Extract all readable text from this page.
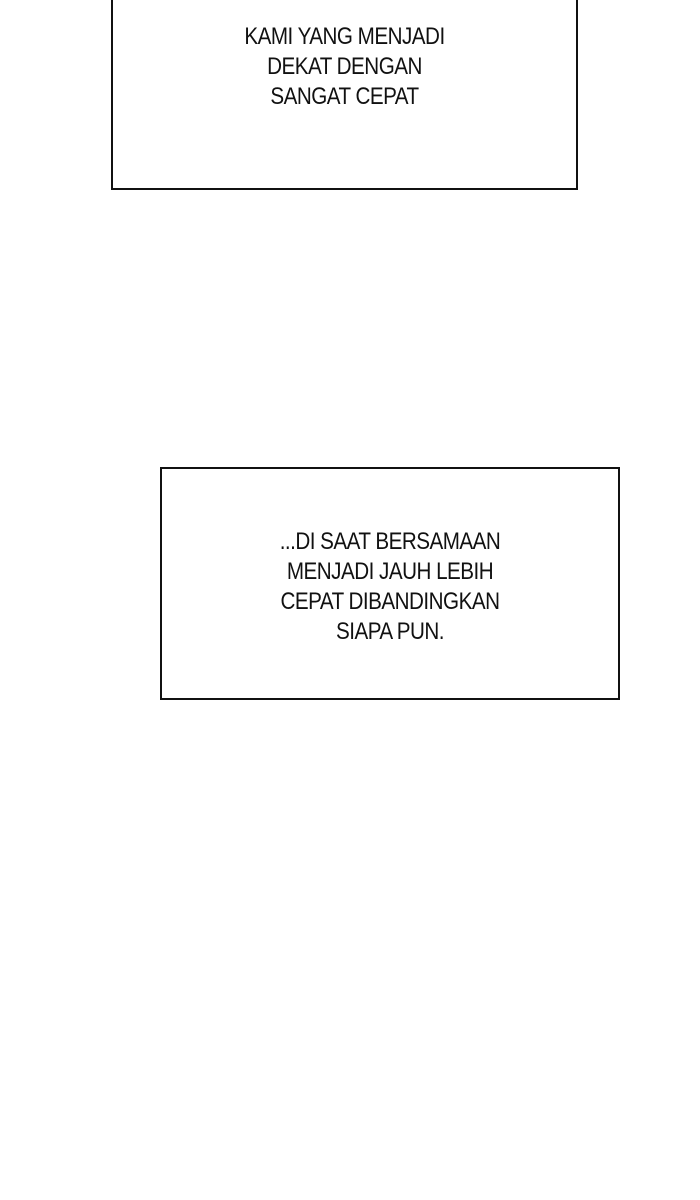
KAMI YANG MENJADI
DEKAT DENGAN
SANGAT CEPAT
...DI SAAT BERSAMAAN
MENJADI JAUH LEBIH
CEPAT DIBANDINGKAN
SIAPA PUN.
